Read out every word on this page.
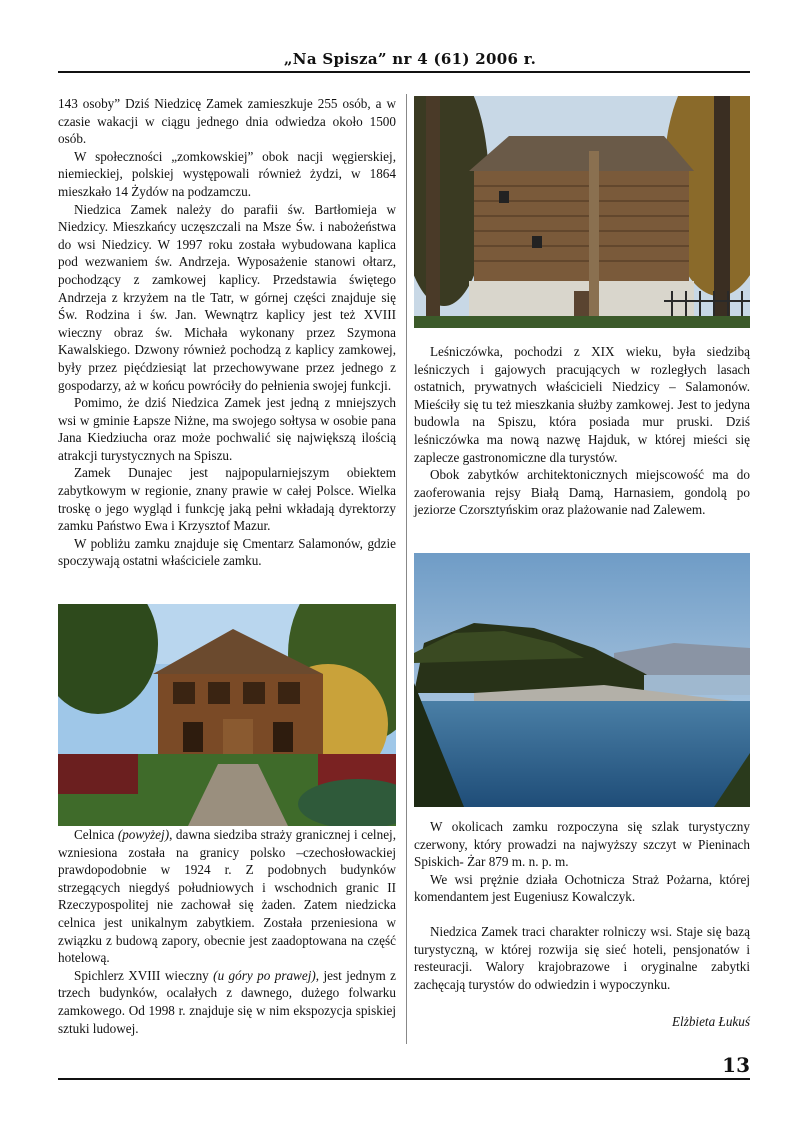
„Na Spisza” nr 4 (61) 2006 r.

143 osoby” Dziś Niedzicę Zamek zamieszkuje 255 osób, a w czasie wakacji w ciągu jednego dnia odwiedza około 1500 osób.

W społeczności „zomkowskiej” obok nacji węgierskiej, niemieckiej, polskiej występowali również żydzi, w 1864 mieszkało 14 Żydów na podzamczu.

Niedzica Zamek należy do parafii św. Bartłomieja w Niedzicy. Mieszkańcy uczęszczali na Msze Św. i nabożeństwa do wsi Niedzicy. W 1997 roku została wybudowana kaplica pod wezwaniem św. Andrzeja. Wyposażenie stanowi ołtarz, pochodzący z zamkowej kaplicy. Przedstawia świętego Andrzeja z krzyżem na tle Tatr, w górnej części znajduje się Św. Rodzina i św. Jan. Wewnątrz kaplicy jest też XVIII wieczny obraz św. Michała wykonany przez Szymona Kawalskiego. Dzwony również pochodzą z kaplicy zamkowej, były przez pięćdziesiąt lat przechowywane przez jednego z gospodarzy, aż w końcu powróciły do pełnienia swojej funkcji.

Pomimo, że dziś Niedzica Zamek jest jedną z mniejszych wsi w gminie Łapsze Niżne, ma swojego sołtysa w osobie pana Jana Kiedziucha oraz może pochwalić się największą ilością atrakcji turystycznych na Spiszu.

Zamek Dunajec jest najpopularniejszym obiektem zabytkowym w regionie, znany prawie w całej Polsce. Wielka troskę o jego wygląd i funkcję jaką pełni wkładają dyrektorzy zamku Państwo Ewa i Krzysztof Mazur.

W pobliżu zamku znajduje się Cmentarz Salamonów, gdzie spoczywają ostatni właściciele zamku.

Celnica (powyżej), dawna siedziba straży granicznej i celnej, wzniesiona została na granicy polsko –czechosłowackiej prawdopodobnie w 1924 r. Z podobnych budynków strzegących niegdyś południowych i wschodnich granic II Rzeczypospolitej nie zachował się żaden. Zatem niedzicka celnica jest unikalnym zabytkiem. Została przeniesiona w związku z budową zapory, obecnie jest zaadoptowana na część hotelową.

Spichlerz XVIII wieczny (u góry po prawej), jest jednym z trzech budynków, ocalałych z dawnego, dużego folwarku zamkowego. Od 1998 r. znajduje się w nim ekspozycja spiskiej sztuki ludowej.

Leśniczówka, pochodzi z XIX wieku, była siedzibą leśniczych i gajowych pracujących w rozległych lasach ostatnich, prywatnych właścicieli Niedzicy – Salamonów. Mieściły się tu też mieszkania służby zamkowej. Jest to jedyna budowla na Spiszu, która posiada mur pruski. Dziś leśniczówka ma nową nazwę Hajduk, w której mieści się zaplecze gastronomiczne dla turystów.

Obok zabytków architektonicznych miejscowość ma do zaoferowania rejsy Białą Damą, Harnasiem, gondolą po jeziorze Czorsztyńskim oraz plażowanie nad Zalewem.

W okolicach zamku rozpoczyna się szlak turystyczny czerwony, który prowadzi na najwyższy szczyt w Pieninach Spiskich- Żar 879 m. n. p. m.

We wsi prężnie działa Ochotnicza Straż Pożarna, której komendantem jest Eugeniusz Kowalczyk.

Niedzica Zamek traci charakter rolniczy wsi. Staje się bazą turystyczną, w której rozwija się sieć hoteli, pensjonatów i resteuracji. Walory krajobrazowe i oryginalne zabytki zachęcają turystów do odwiedzin i wypoczynku.

Elżbieta Łukuś
13
